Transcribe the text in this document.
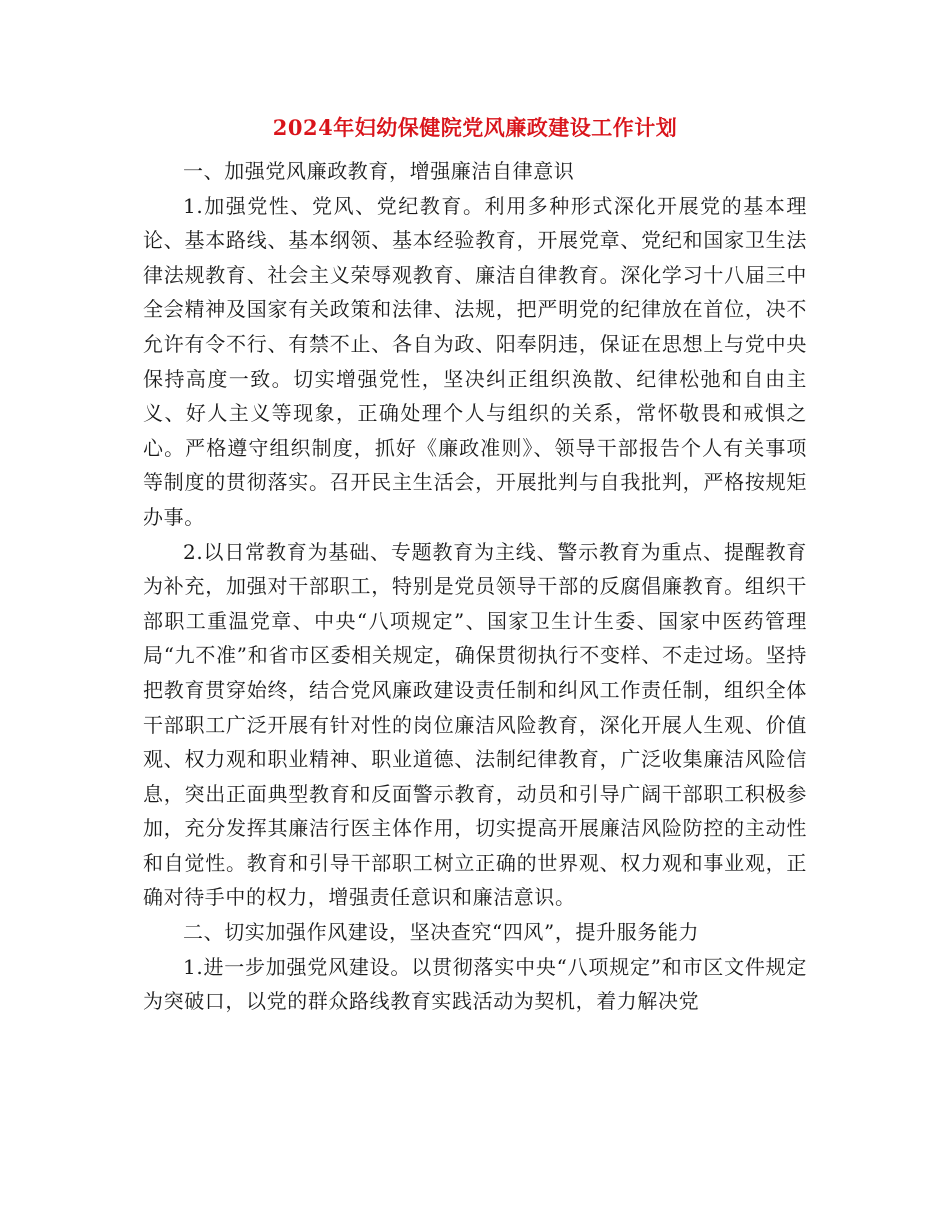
2024年妇幼保健院党风廉政建设工作计划

一、加强党风廉政教育，增强廉洁自律意识

1.加强党性、党风、党纪教育。利用多种形式深化开展党的基本理论、基本路线、基本纲领、基本经验教育，开展党章、党纪和国家卫生法律法规教育、社会主义荣辱观教育、廉洁自律教育。深化学习十八届三中全会精神及国家有关政策和法律、法规，把严明党的纪律放在首位，决不允许有令不行、有禁不止、各自为政、阳奉阴违，保证在思想上与党中央保持高度一致。切实增强党性，坚决纠正组织涣散、纪律松弛和自由主义、好人主义等现象，正确处理个人与组织的关系，常怀敬畏和戒惧之心。严格遵守组织制度，抓好《廉政准则》、领导干部报告个人有关事项等制度的贯彻落实。召开民主生活会，开展批判与自我批判，严格按规矩办事。

2.以日常教育为基础、专题教育为主线、警示教育为重点、提醒教育为补充，加强对干部职工，特别是党员领导干部的反腐倡廉教育。组织干部职工重温党章、中央“八项规定”、国家卫生计生委、国家中医药管理局“九不准”和省市区委相关规定，确保贯彻执行不变样、不走过场。坚持把教育贯穿始终，结合党风廉政建设责任制和纠风工作责任制，组织全体干部职工广泛开展有针对性的岗位廉洁风险教育，深化开展人生观、价值观、权力观和职业精神、职业道德、法制纪律教育，广泛收集廉洁风险信息，突出正面典型教育和反面警示教育，动员和引导广阔干部职工积极参加，充分发挥其廉洁行医主体作用，切实提高开展廉洁风险防控的主动性和自觉性。教育和引导干部职工树立正确的世界观、权力观和事业观，正确对待手中的权力，增强责任意识和廉洁意识。

二、切实加强作风建设，坚决查究“四风”，提升服务能力

1.进一步加强党风建设。以贯彻落实中央“八项规定”和市区文件规定为突破口，以党的群众路线教育实践活动为契机，着力解决党
